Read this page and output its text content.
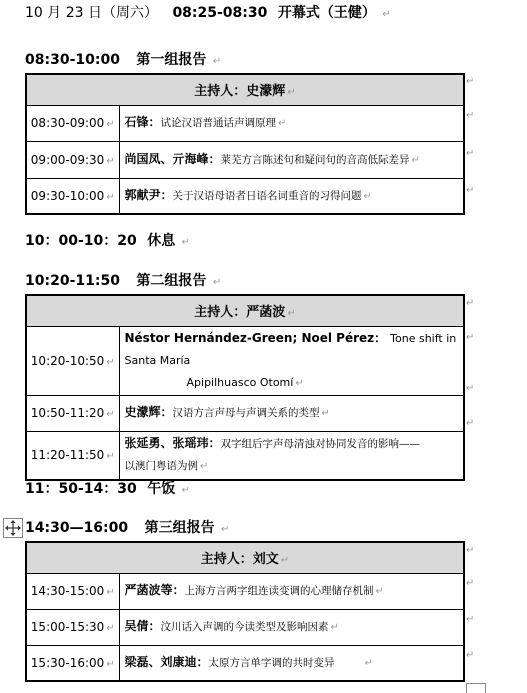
10 月 23 日（周六） 08:25-08:30 开幕式（王健） ↵
08:30-10:00 第一组报告 ↵
主持人：史濛辉 ↵	
08:30-09:00 ↵	石锋：试论汉语普通话声调原理 ↵
09:00-09:30 ↵	尚国凤、亓海峰：莱芜方言陈述句和疑问句的音高低际差异 ↵
09:30-10:00 ↵	郭献尹：关于汉语母语者日语名词重音的习得问题 ↵
↵
↵
↵
↵
10：00-10：20 休息 ↵
10:20-11:50 第二组报告 ↵
主持人：严菡波 ↵	
10:20-10:50 ↵	Néstor Hernández-Green; Noel Pérez： Tone shift in Santa María
Apipilhuasco Otomí ↵

10:50-11:20 ↵	史濛辉：汉语方言声母与声调关系的类型 ↵
11:20-11:50 ↵	张延勇、张瑶玮：双字组后字声母清浊对协同发音的影响——
以澳门粤语为例 ↵
↵
↵
↵
↵
11：50-14：30 午饭 ↵
14:30—16:00 第三组报告 ↵
主持人：刘文 ↵	
14:30-15:00 ↵	严菡波等：上海方言两字组连读变调的心理储存机制 ↵
15:00-15:30 ↵	吴倩：汶川话入声调的今读类型及影响因素 ↵
15:30-16:00 ↵	梁磊、刘康迪：太原方言单字调的共时变异 ↵
↵
↵
↵
↵
